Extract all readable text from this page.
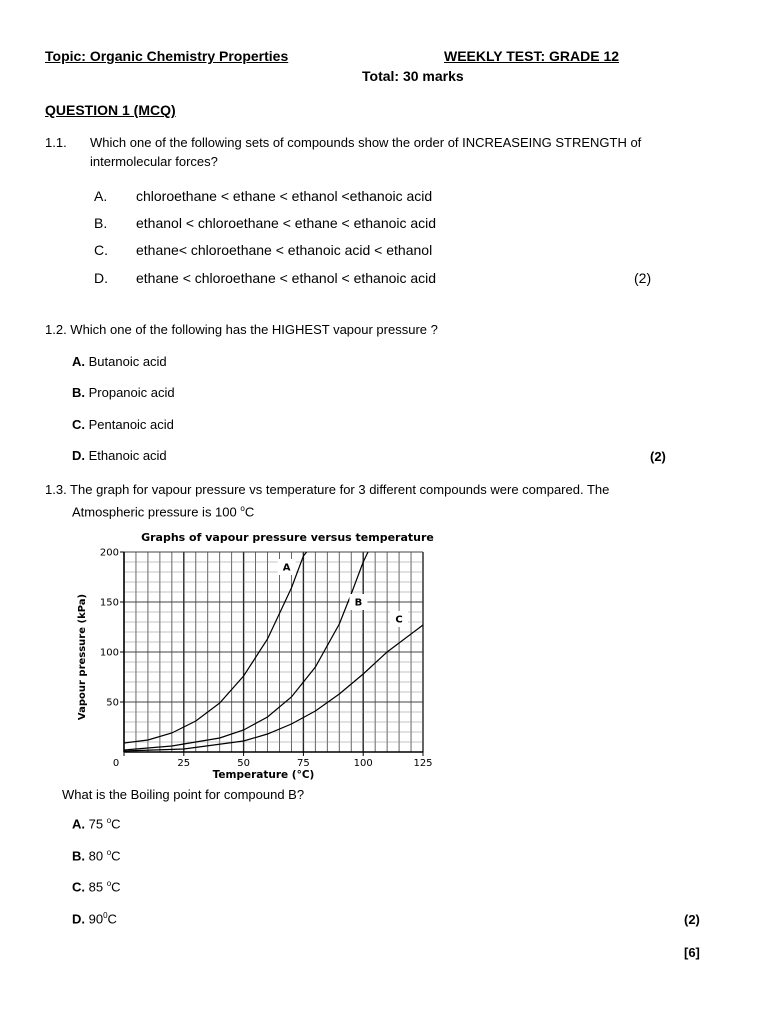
Topic: Organic Chemistry Properties	WEEKLY TEST: GRADE 12
Total: 30 marks
QUESTION 1 (MCQ)
1.1. Which one of the following sets of compounds show the order of INCREASEING STRENGTH of
intermolecular forces?
A. chloroethane < ethane < ethanol <ethanoic acid
B. ethanol < chloroethane < ethane < ethanoic acid
C. ethane< chloroethane < ethanoic acid < ethanol
D. ethane < chloroethane < ethanol < ethanoic acid	(2)
1.2. Which one of the following has the HIGHEST vapour pressure ?
A. Butanoic acid
B. Propanoic acid
C. Pentanoic acid
D. Ethanoic acid	(2)
1.3. The graph for vapour pressure vs temperature for 3 different compounds were compared. The
Atmospheric pressure is 100 $^o$C
0	25	50	75	100	125
50
100
150
200
A
B
C
Graphs of vapour pressure versus temperature
Temperature (°C)
Vapour pressure (kPa)
What is the Boiling point for compound B?
A. 75 $^o$C
B. 80 $^o$C
C. 85 $^o$C
D. $90^0C$	(2)
[6]
